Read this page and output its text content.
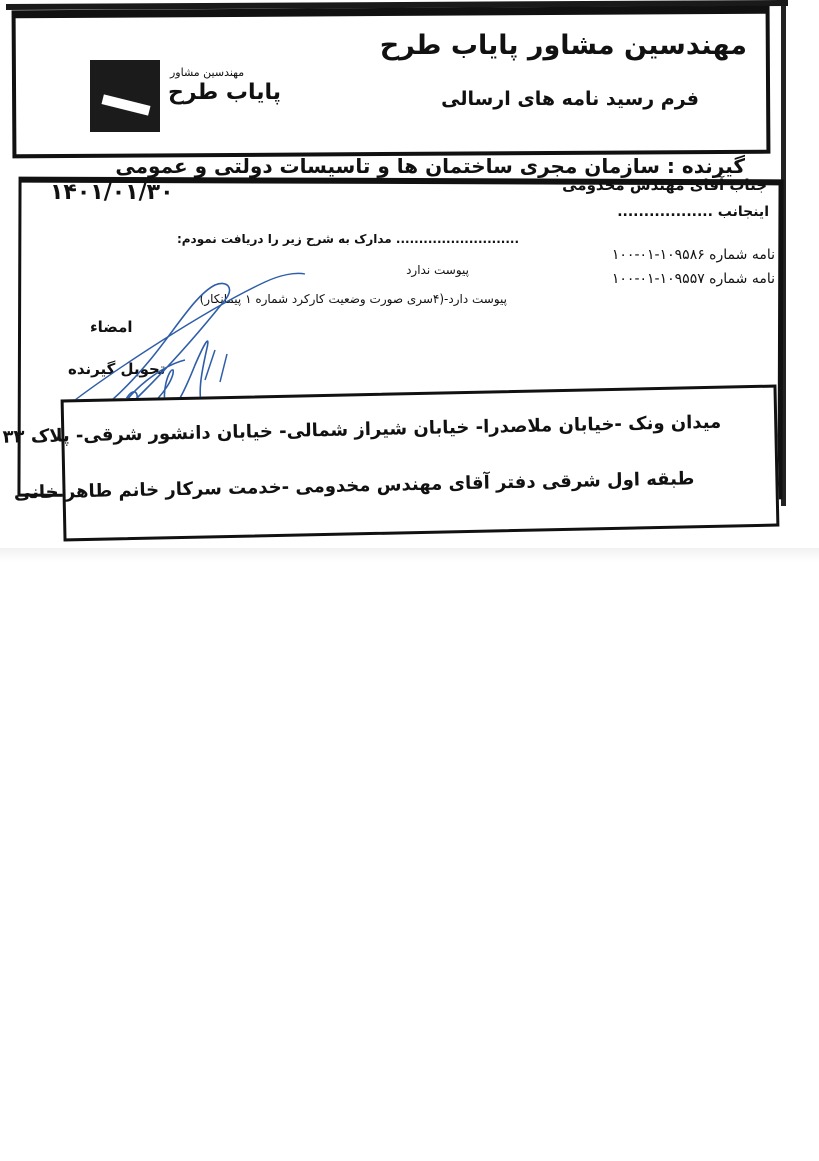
مهندسین مشاور پایاب طرح
فرم رسید نامه های ارسالی
مهندسین مشاور
پایاب طرح
گیرنده : سازمان مجری ساختمان ها و تاسیسات دولتی و عمومی
جناب آقای مهندس مخدومی
۱۴۰۱/۰۱/۳۰
اینجانب ..................
........................... مدارک به شرح زیر را دریافت نمودم:
نامه شماره ۱۰۹۵۸۶-۰۱-۱۰۰
نامه شماره ۱۰۹۵۵۷-۰۱-۱۰۰
پیوست ندارد
پیوست دارد-(۴سری صورت وضعیت کارکرد شماره ۱ پیمانکار)
امضاء
تحویل گیرنده
میدان ونک -خیابان ملاصدرا- خیابان شیراز شمالی- خیابان دانشور شرقی- پلاک ۳۳
طبقه اول شرقی دفتر آقای مهندس مخدومی -خدمت سرکار خانم طاهر خانی
